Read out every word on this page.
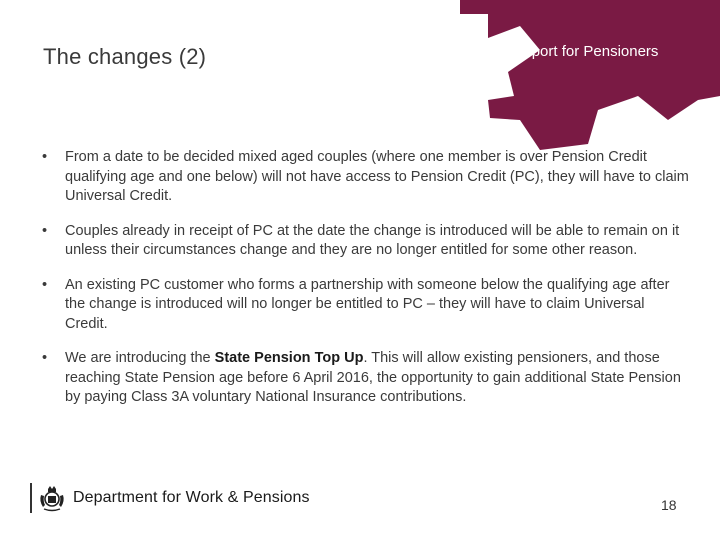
The changes (2)	Support for Pensioners
• From a date to be decided mixed aged couples (where one member is over Pension Credit qualifying age and one below) will not have access to Pension Credit (PC), they will have to claim Universal Credit.
• Couples already in receipt of PC at the date the change is introduced will be able to remain on it unless their circumstances change and they are no longer entitled for some other reason.
• An existing PC customer who forms a partnership with someone below the qualifying age after the change is introduced will no longer be entitled to PC – they will have to claim Universal Credit.
• We are introducing the State Pension Top Up. This will allow existing pensioners, and those reaching State Pension age before 6 April 2016, the opportunity to gain additional State Pension by paying Class 3A voluntary National Insurance contributions.
Department for Work & Pensions	18
